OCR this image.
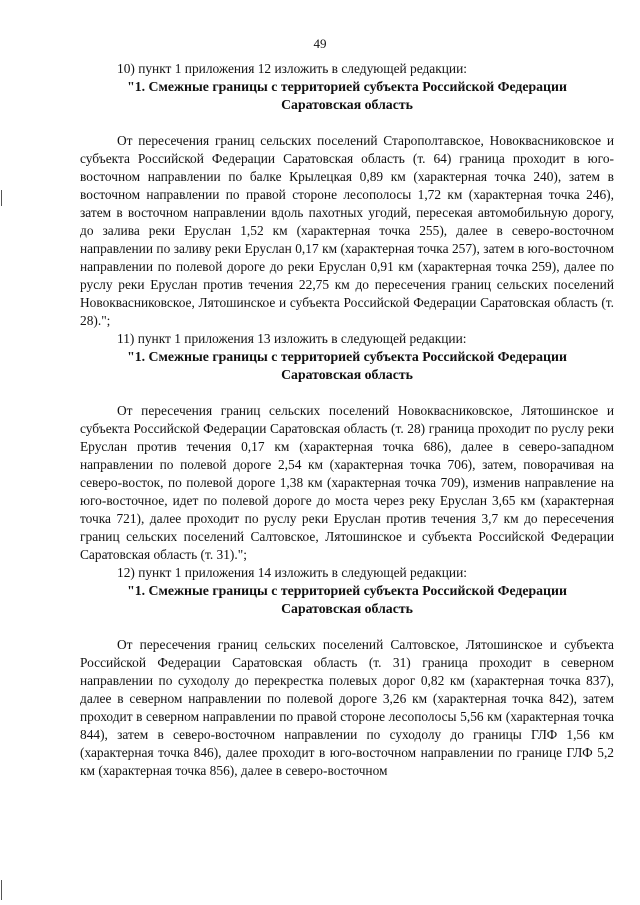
49

10) пункт 1 приложения 12 изложить в следующей редакции:

"1. Смежные границы с территорией субъекта Российской Федерации

Саратовская область

От пересечения границ сельских поселений Старополтавское, Новоквасниковское и субъекта Российской Федерации Саратовская область (т. 64) граница проходит в юго-восточном направлении по балке Крылецкая 0,89 км (характерная точка 240), затем в восточном направлении по правой стороне лесополосы 1,72 км (характерная точка 246), затем в восточном направлении вдоль пахотных угодий, пересекая автомобильную дорогу, до залива реки Еруслан 1,52 км (характерная точка 255), далее в северо-восточном направлении по заливу реки Еруслан 0,17 км (характерная точка 257), затем в юго-восточном направлении по полевой дороге до реки Еруслан 0,91 км (характерная точка 259), далее по руслу реки Еруслан против течения 22,75 км до пересечения границ сельских поселений Новоквасниковское, Лятошинское и субъекта Российской Федерации Саратовская область (т. 28).";

11) пункт 1 приложения 13 изложить в следующей редакции:

"1. Смежные границы с территорией субъекта Российской Федерации

Саратовская область

От пересечения границ сельских поселений Новоквасниковское, Лятошинское и субъекта Российской Федерации Саратовская область (т. 28) граница проходит по руслу реки Еруслан против течения 0,17 км (характерная точка 686), далее в северо-западном направлении по полевой дороге 2,54 км (характерная точка 706), затем, поворачивая на северо-восток, по полевой дороге 1,38 км (характерная точка 709), изменив направление на юго-восточное, идет по полевой дороге до моста через реку Еруслан 3,65 км (характерная точка 721), далее проходит по руслу реки Еруслан против течения 3,7 км до пересечения границ сельских поселений Салтовское, Лятошинское и субъекта Российской Федерации Саратовская область (т. 31).";

12) пункт 1 приложения 14 изложить в следующей редакции:

"1. Смежные границы с территорией субъекта Российской Федерации

Саратовская область

От пересечения границ сельских поселений Салтовское, Лятошинское и субъекта Российской Федерации Саратовская область (т. 31) граница проходит в северном направлении по суходолу до перекрестка полевых дорог 0,82 км (характерная точка 837), далее в северном направлении по полевой дороге 3,26 км (характерная точка 842), затем проходит в северном направлении по правой стороне лесополосы 5,56 км (характерная точка 844), затем в северо-восточном направлении по суходолу до границы ГЛФ 1,56 км (характерная точка 846), далее проходит в юго-восточном направлении по границе ГЛФ 5,2 км (характерная точка 856), далее в северо-восточном
